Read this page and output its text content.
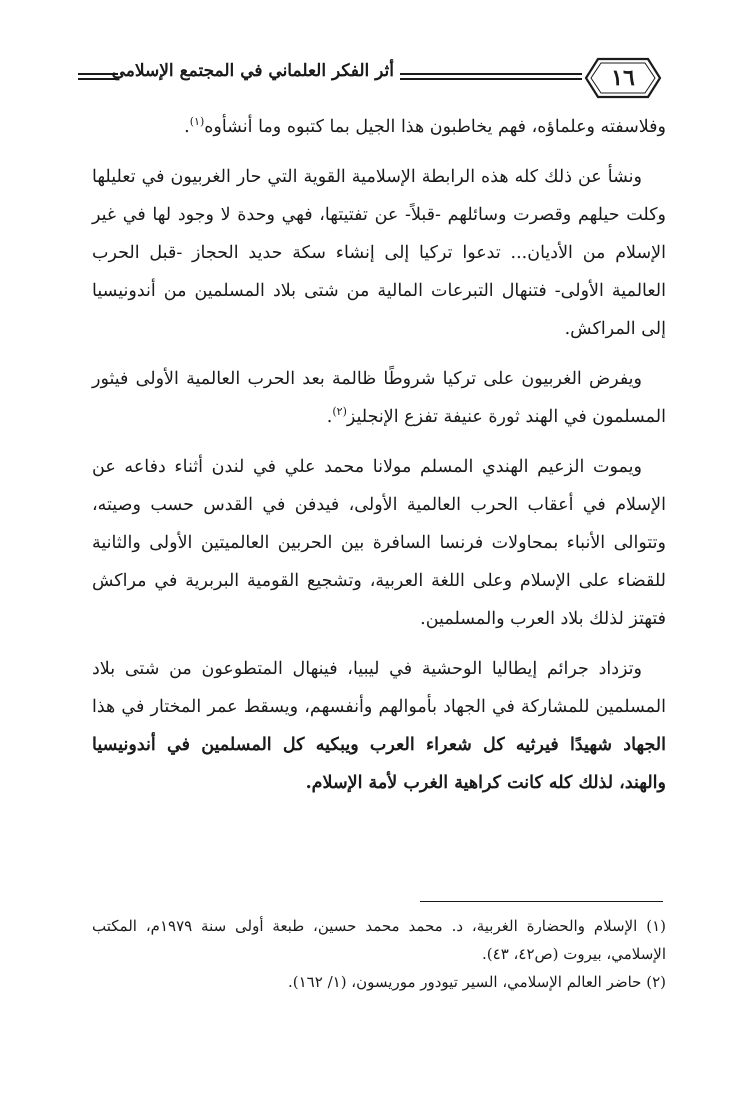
١٦
أثر الفكر العلماني في المجتمع الإسلامي

وفلاسفته وعلماؤه، فهم يخاطبون هذا الجيل بما كتبوه وما أنشأوه$^{(١)}$.

ونشأ عن ذلك كله هذه الرابطة الإسلامية القوية التي حار الغربيون في تعليلها وكلت حيلهم وقصرت وسائلهم -قبلاً- عن تفتيتها، فهي وحدة لا وجود لها في غير الإسلام من الأديان... تدعوا تركيا إلى إنشاء سكة حديد الحجاز -قبل الحرب العالمية الأولى- فتنهال التبرعات المالية من شتى بلاد المسلمين من أندونيسيا إلى المراكش.

ويفرض الغربيون على تركيا شروطًا ظالمة بعد الحرب العالمية الأولى فيثور المسلمون في الهند ثورة عنيفة تفزع الإنجليز$^{(٢)}$.

ويموت الزعيم الهندي المسلم مولانا محمد علي في لندن أثناء دفاعه عن الإسلام في أعقاب الحرب العالمية الأولى، فيدفن في القدس حسب وصيته، وتتوالى الأنباء بمحاولات فرنسا السافرة بين الحربين العالميتين الأولى والثانية للقضاء على الإسلام وعلى اللغة العربية، وتشجيع القومية البربرية في مراكش فتهتز لذلك بلاد العرب والمسلمين.

وتزداد جرائم إيطاليا الوحشية في ليبيا، فينهال المتطوعون من شتى بلاد المسلمين للمشاركة في الجهاد بأموالهم وأنفسهم، ويسقط عمر المختار في هذا الجهاد شهيدًا فيرثيه كل شعراء العرب ويبكيه كل المسلمين في أندونيسيا والهند، لذلك كله كانت كراهية الغرب لأمة الإسلام.

(١) الإسلام والحضارة الغربية، د. محمد محمد حسين، طبعة أولى سنة ١٩٧٩م، المكتب الإسلامي، بيروت (ص٤٢، ٤٣).

(٢) حاضر العالم الإسلامي، السير تيودور موريسون، (١/ ١٦٢).
